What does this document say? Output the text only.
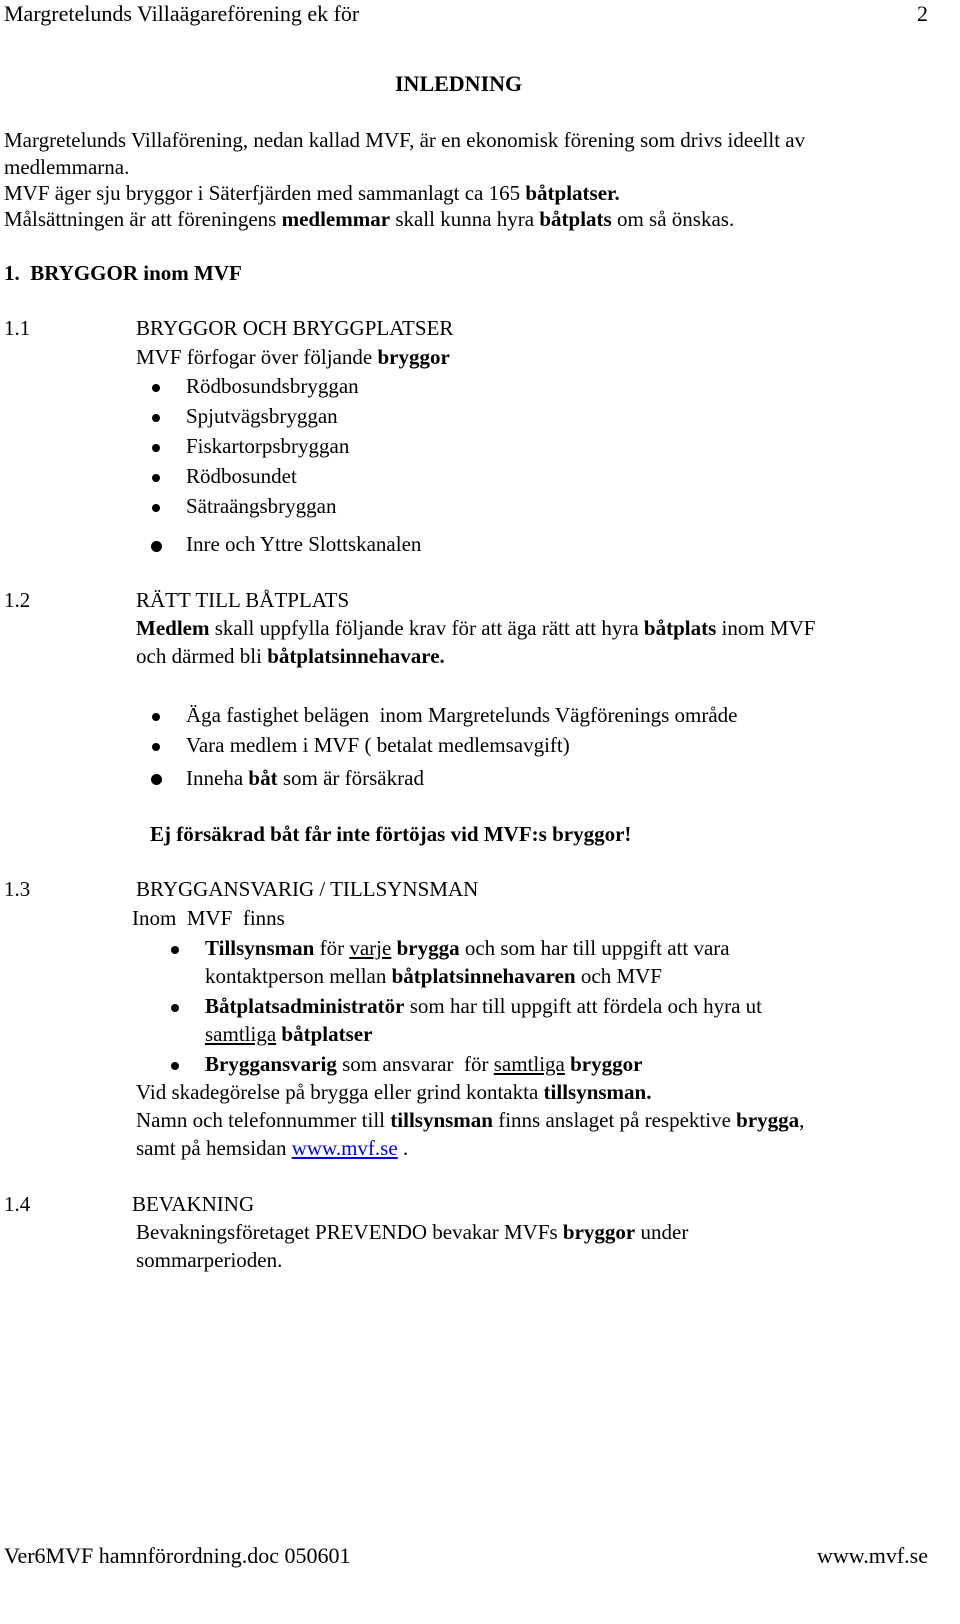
Margretelunds Villaägareförening ek för	2
INLEDNING
Margretelunds Villaförening, nedan kallad MVF, är en ekonomisk förening som drivs ideellt av
medlemmarna.
MVF äger sju bryggor i Säterfjärden med sammanlagt ca 165 båtplatser.
Målsättningen är att föreningens medlemmar skall kunna hyra båtplats om så önskas.
1.  BRYGGOR inom MVF
1.1	BRYGGOR OCH BRYGGPLATSER
MVF förfogar över följande bryggor
Rödbosundsbryggan
Spjutvägsbryggan
Fiskartorpsbryggan
Rödbosundet
Sätraängsbryggan
Inre och Yttre Slottskanalen
1.2	RÄTT TILL BÅTPLATS
Medlem skall uppfylla följande krav för att äga rätt att hyra båtplats inom MVF
och därmed bli båtplatsinnehavare.
Äga fastighet belägen  inom Margretelunds Vägförenings område
Vara medlem i MVF ( betalat medlemsavgift)
Inneha båt som är försäkrad
Ej försäkrad båt får inte förtöjas vid MVF:s bryggor!
1.3	BRYGGANSVARIG / TILLSYNSMAN
Inom  MVF  finns
Tillsynsman för varje brygga och som har till uppgift att vara
kontaktperson mellan båtplatsinnehavaren och MVF
Båtplatsadministratör som har till uppgift att fördela och hyra ut
samtliga båtplatser
Bryggansvarig som ansvarar  för samtliga bryggor
Vid skadegörelse på brygga eller grind kontakta tillsynsman.
Namn och telefonnummer till tillsynsman finns anslaget på respektive brygga,
samt på hemsidan www.mvf.se .
1.4	BEVAKNING
Bevakningsföretaget PREVENDO bevakar MVFs bryggor under
sommarperioden.
Ver6MVF hamnförordning.doc 050601	www.mvf.se
